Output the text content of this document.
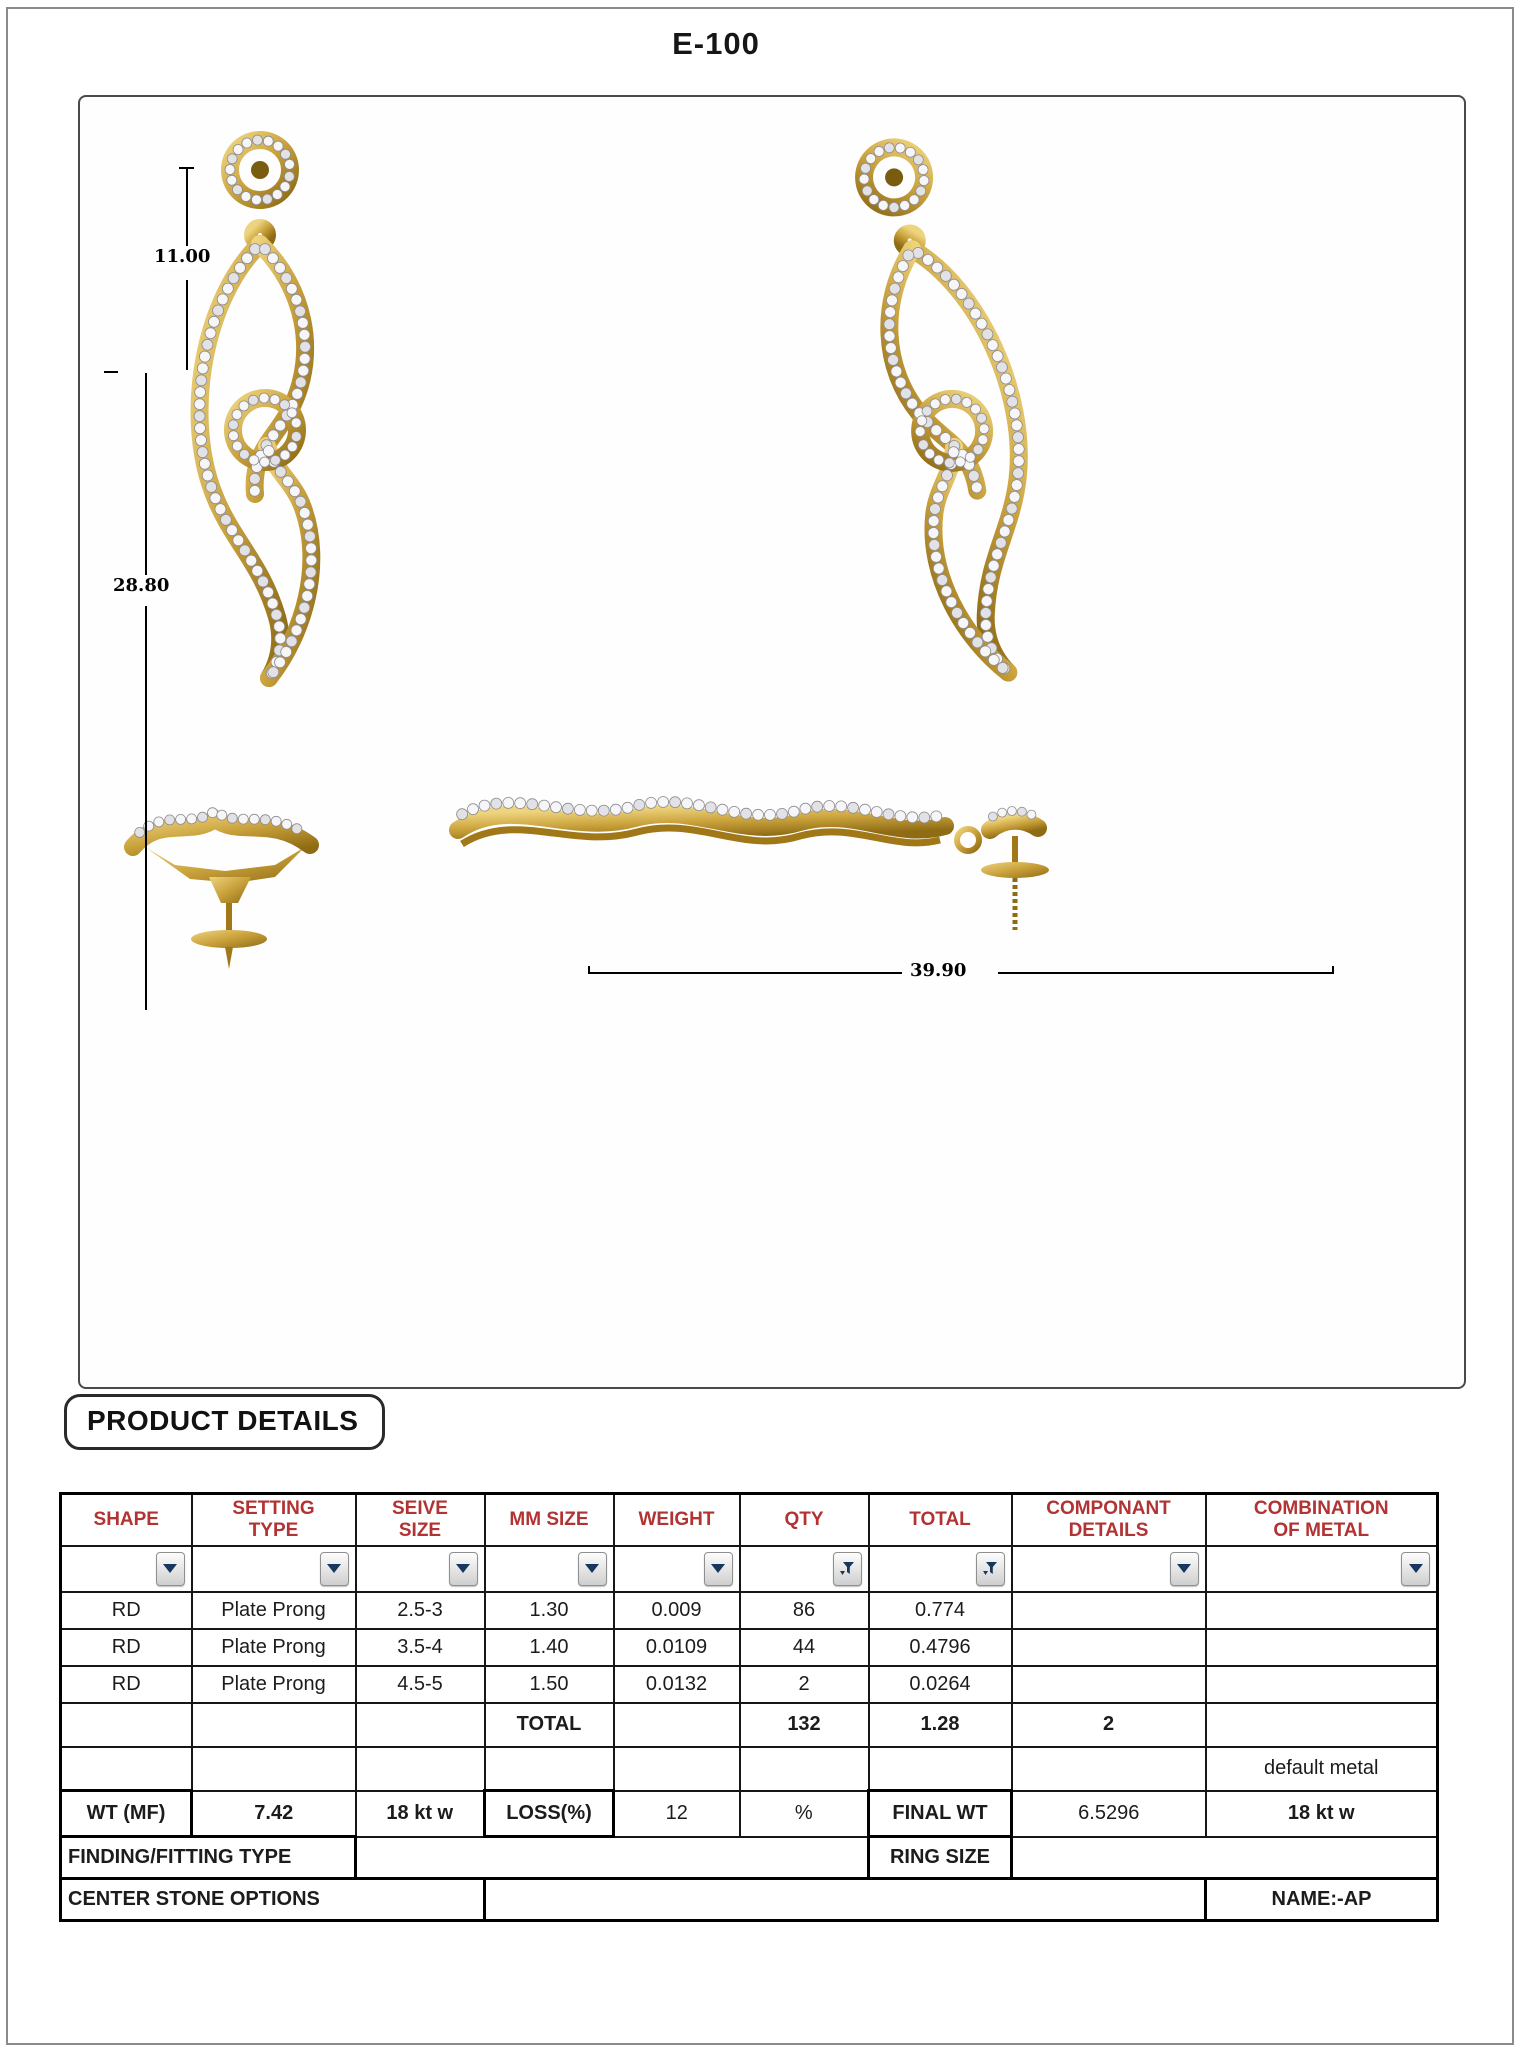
E-100
11.00
28.80
39.90
PRODUCT DETAILS
SHAPE	SETTING TYPE	SEIVE SIZE	MM SIZE	WEIGHT	QTY	TOTAL	COMPONANT DETAILS	COMBINATION OF METAL

RD	Plate Prong	2.5-3	1.30	0.009	86	0.774		
RD	Plate Prong	3.5-4	1.40	0.0109	44	0.4796		
RD	Plate Prong	4.5-5	1.50	0.0132	2	0.0264		
			TOTAL		132	1.28	2	
								default metal
WT (MF)	7.42	18 kt w	LOSS(%)	12	%	FINAL WT	6.5296	18 kt w
FINDING/FITTING TYPE						RING SIZE		
CENTER STONE OPTIONS								NAME:-AP
